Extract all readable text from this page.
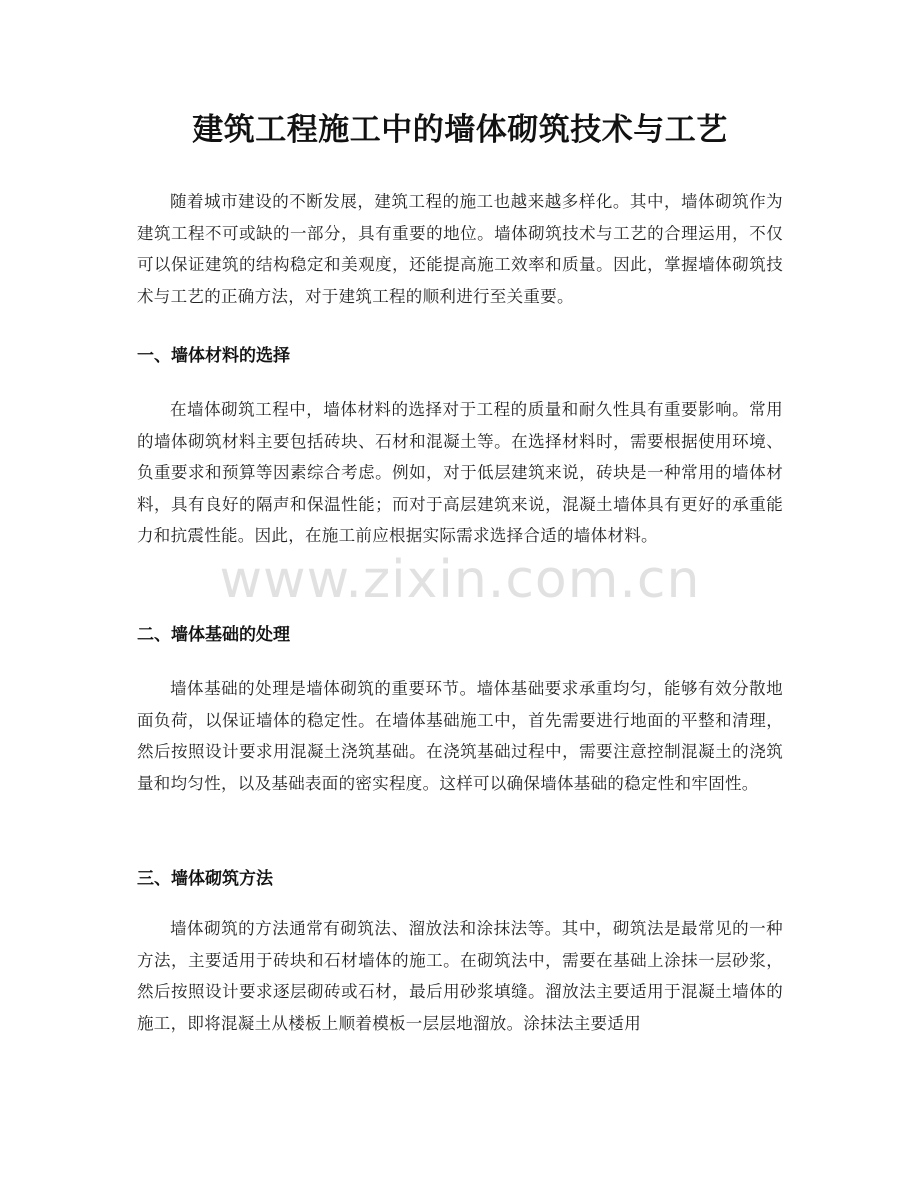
建筑工程施工中的墙体砌筑技术与工艺

随着城市建设的不断发展，建筑工程的施工也越来越多样化。其中，墙体砌筑作为建筑工程不可或缺的一部分，具有重要的地位。墙体砌筑技术与工艺的合理运用，不仅可以保证建筑的结构稳定和美观度，还能提高施工效率和质量。因此，掌握墙体砌筑技术与工艺的正确方法，对于建筑工程的顺利进行至关重要。

一、墙体材料的选择

在墙体砌筑工程中，墙体材料的选择对于工程的质量和耐久性具有重要影响。常用的墙体砌筑材料主要包括砖块、石材和混凝土等。在选择材料时，需要根据使用环境、负重要求和预算等因素综合考虑。例如，对于低层建筑来说，砖块是一种常用的墙体材料，具有良好的隔声和保温性能；而对于高层建筑来说，混凝土墙体具有更好的承重能力和抗震性能。因此，在施工前应根据实际需求选择合适的墙体材料。

二、墙体基础的处理

墙体基础的处理是墙体砌筑的重要环节。墙体基础要求承重均匀，能够有效分散地面负荷，以保证墙体的稳定性。在墙体基础施工中，首先需要进行地面的平整和清理，然后按照设计要求用混凝土浇筑基础。在浇筑基础过程中，需要注意控制混凝土的浇筑量和均匀性，以及基础表面的密实程度。这样可以确保墙体基础的稳定性和牢固性。

三、墙体砌筑方法

墙体砌筑的方法通常有砌筑法、溜放法和涂抹法等。其中，砌筑法是最常见的一种方法，主要适用于砖块和石材墙体的施工。在砌筑法中，需要在基础上涂抹一层砂浆，然后按照设计要求逐层砌砖或石材，最后用砂浆填缝。溜放法主要适用于混凝土墙体的施工，即将混凝土从楼板上顺着模板一层层地溜放。涂抹法主要适用

www.zixin.com.cn
